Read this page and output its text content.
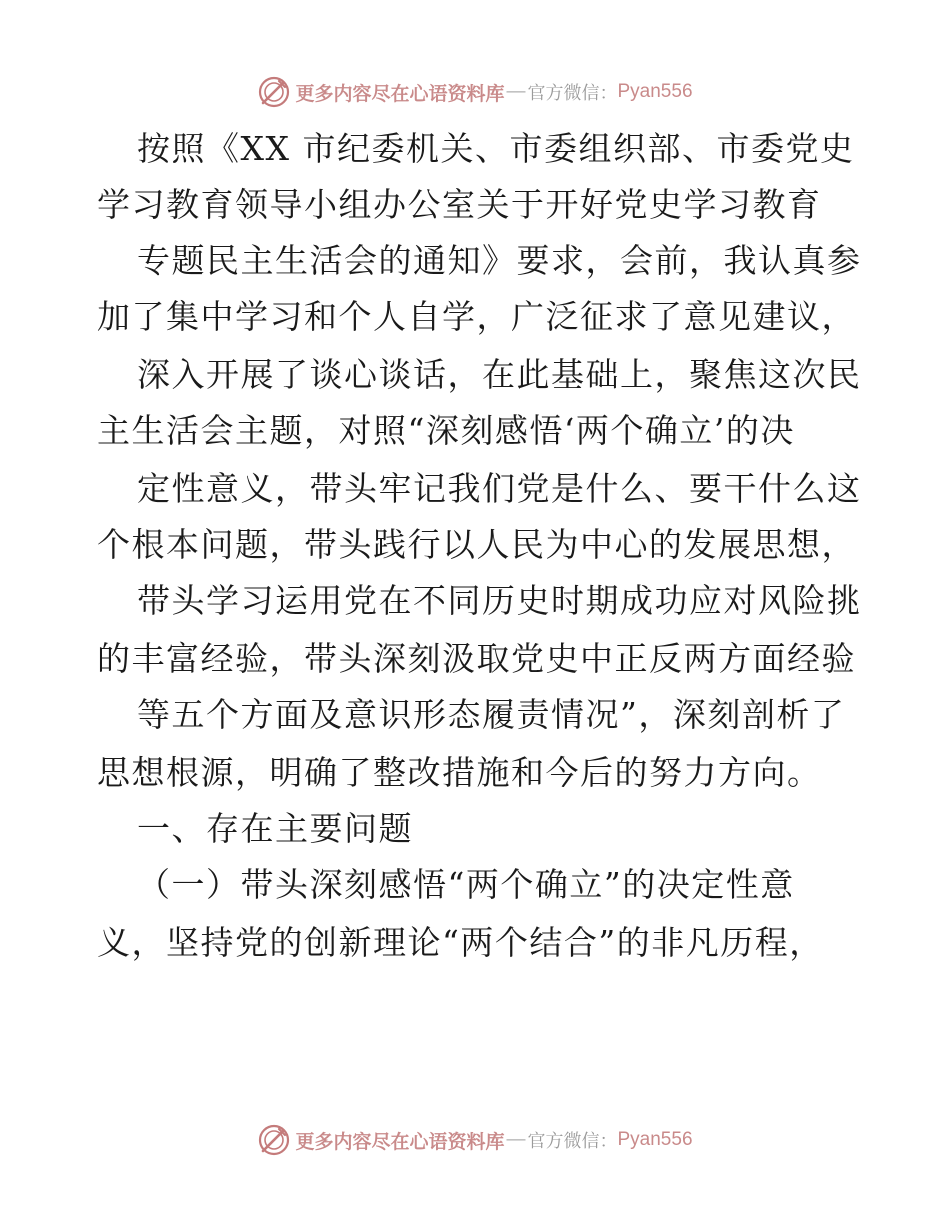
更多内容尽在心语资料库 — 官方微信： Pyan556
按照《XX 市纪委机关、市委组织部、市委党史
学习教育领导小组办公室关于开好党史学习教育
专题民主生活会的通知》要求，会前，我认真参
加了集中学习和个人自学，广泛征求了意见建议，
深入开展了谈心谈话，在此基础上，聚焦这次民
主生活会主题，对照“深刻感悟‘两个确立’的决
定性意义，带头牢记我们党是什么、要干什么这
个根本问题，带头践行以人民为中心的发展思想，
带头学习运用党在不同历史时期成功应对风险挑
的丰富经验，带头深刻汲取党史中正反两方面经验
等五个方面及意识形态履责情况”，深刻剖析了
思想根源，明确了整改措施和今后的努力方向。
一、存在主要问题
（一）带头深刻感悟“两个确立”的决定性意
义，坚持党的创新理论“两个结合”的非凡历程，
更多内容尽在心语资料库 — 官方微信： Pyan556
